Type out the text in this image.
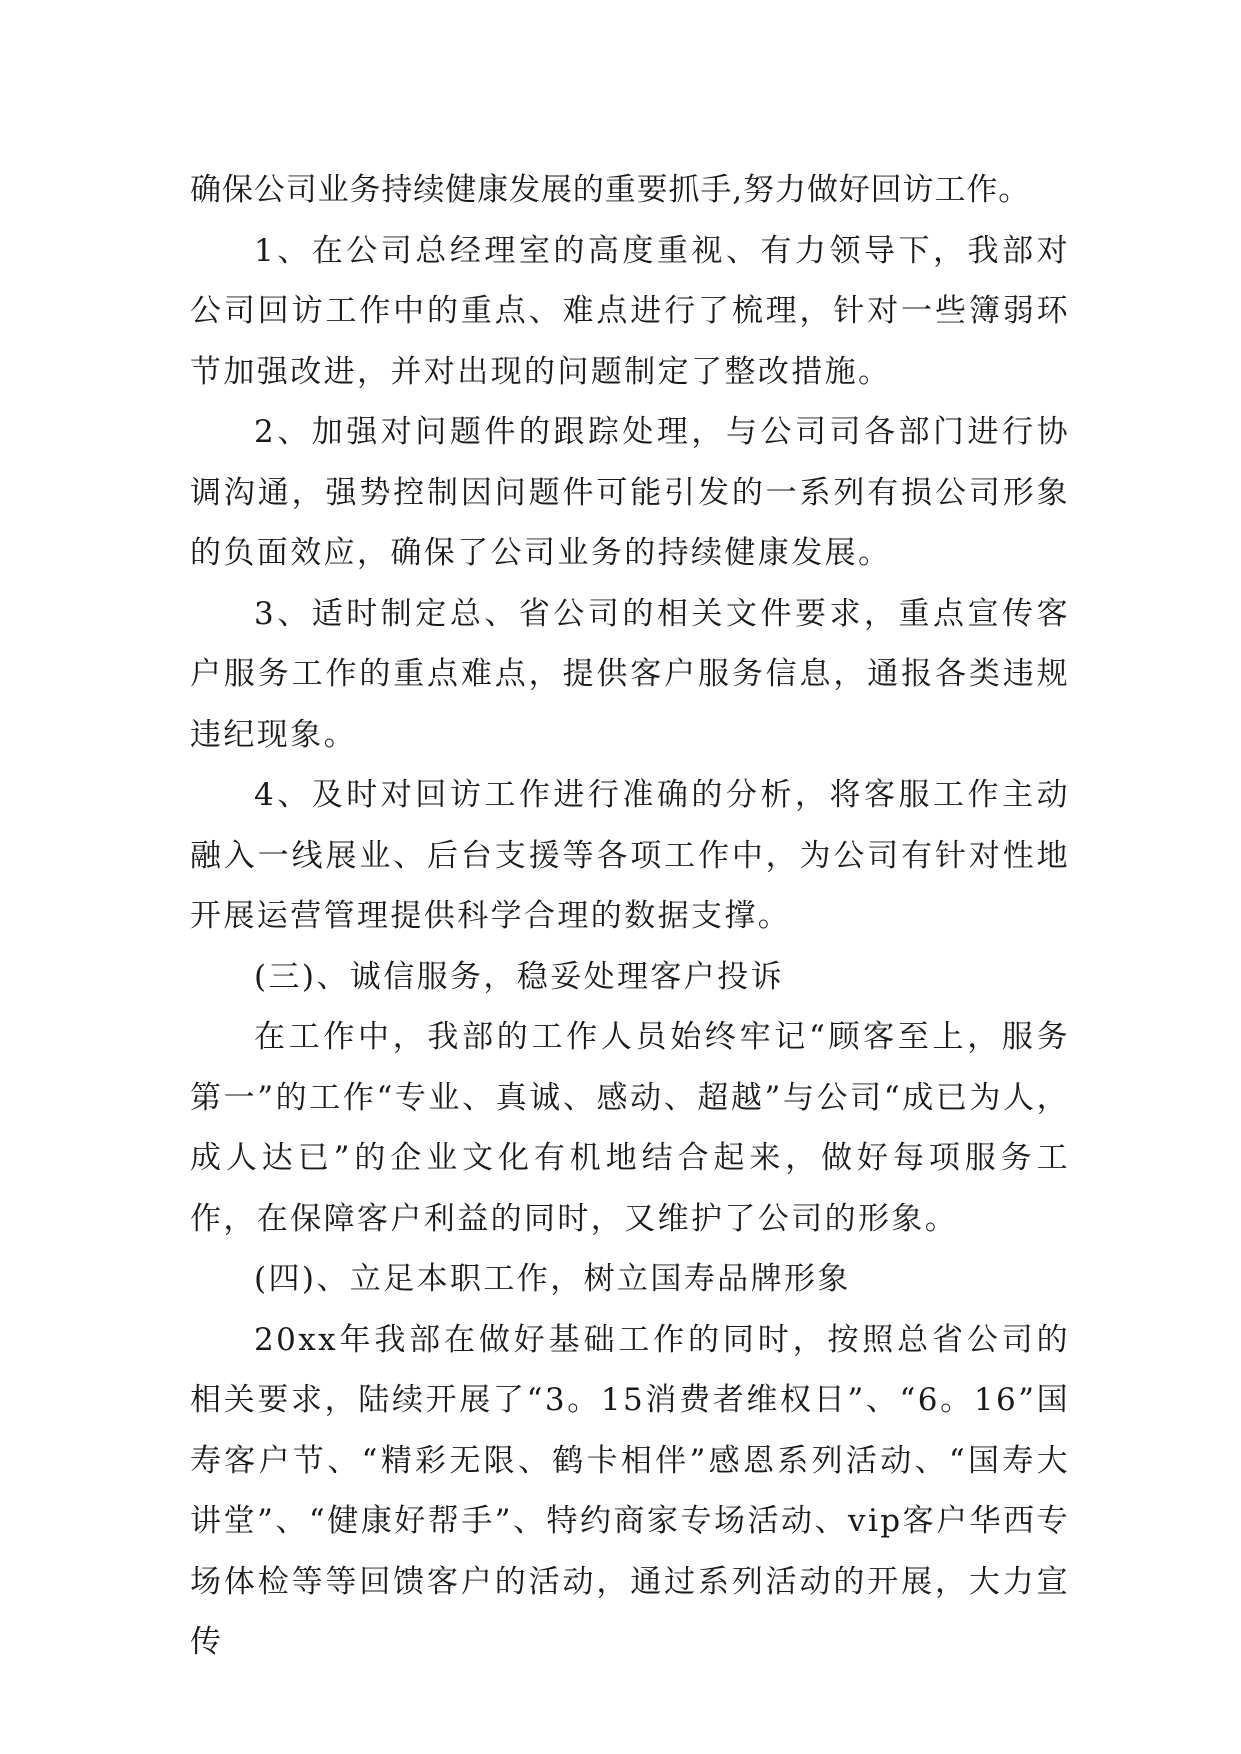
确保公司业务持续健康发展的重要抓手,努力做好回访工作。

1、在公司总经理室的高度重视、有力领导下，我部对公司回访工作中的重点、难点进行了梳理，针对一些簿弱环节加强改进，并对出现的问题制定了整改措施。

2、加强对问题件的跟踪处理，与公司司各部门进行协调沟通，强势控制因问题件可能引发的一系列有损公司形象的负面效应，确保了公司业务的持续健康发展。

3、适时制定总、省公司的相关文件要求，重点宣传客户服务工作的重点难点，提供客户服务信息，通报各类违规违纪现象。

4、及时对回访工作进行准确的分析，将客服工作主动融入一线展业、后台支援等各项工作中，为公司有针对性地开展运营管理提供科学合理的数据支撑。

(三)、诚信服务，稳妥处理客户投诉

在工作中，我部的工作人员始终牢记“顾客至上，服务第一”的工作“专业、真诚、感动、超越”与公司“成已为人，成人达已”的企业文化有机地结合起来，做好每项服务工作，在保障客户利益的同时，又维护了公司的形象。

(四)、立足本职工作，树立国寿品牌形象

20xx年我部在做好基础工作的同时，按照总省公司的相关要求，陆续开展了“3。15消费者维权日”、“6。16”国寿客户节、“精彩无限、鹤卡相伴”感恩系列活动、“国寿大讲堂”、“健康好帮手”、特约商家专场活动、vip客户华西专场体检等等回馈客户的活动，通过系列活动的开展，大力宣传
